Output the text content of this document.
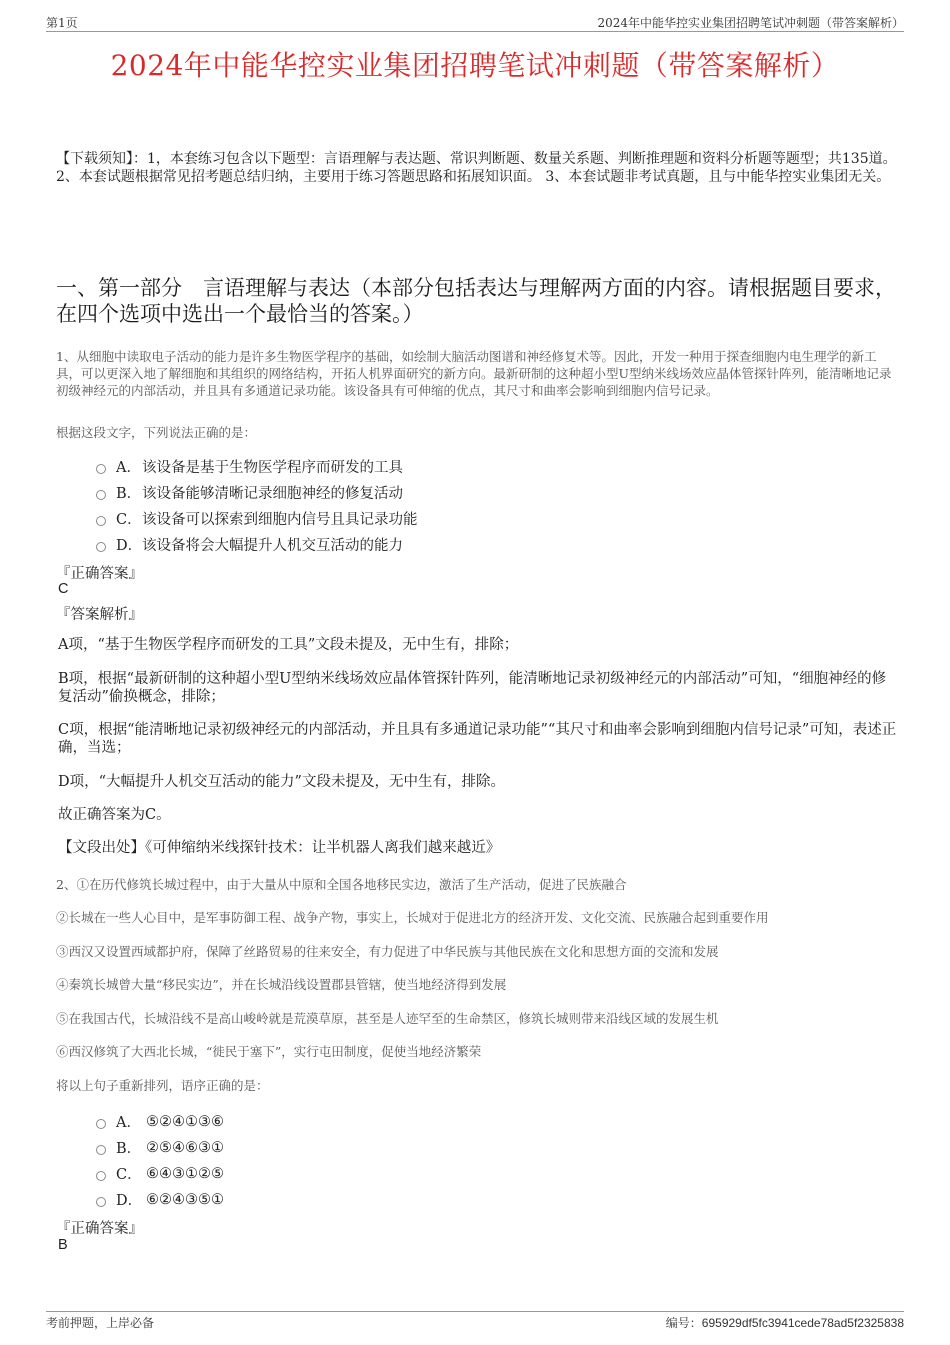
第1页	2024年中能华控实业集团招聘笔试冲刺题（带答案解析）
2024年中能华控实业集团招聘笔试冲刺题（带答案解析）
【下载须知】：1，本套练习包含以下题型：言语理解与表达题、常识判断题、数量关系题、判断推理题和资料分析题等题型；共135道。 2、本套试题根据常见招考题总结归纳，主要用于练习答题思路和拓展知识面。 3、本套试题非考试真题，且与中能华控实业集团无关。
一、第一部分　言语理解与表达（本部分包括表达与理解两方面的内容。请根据题目要求，在四个选项中选出一个最恰当的答案。）
1、从细胞中读取电子活动的能力是许多生物医学程序的基础，如绘制大脑活动图谱和神经修复术等。因此，开发一种用于探查细胞内电生理学的新工具，可以更深入地了解细胞和其组织的网络结构，开拓人机界面研究的新方向。最新研制的这种超小型U型纳米线场效应晶体管探针阵列，能清晰地记录初级神经元的内部活动，并且具有多通道记录功能。该设备具有可伸缩的优点，其尺寸和曲率会影响到细胞内信号记录。
根据这段文字，下列说法正确的是：
A． 该设备是基于生物医学程序而研发的工具
B． 该设备能够清晰记录细胞神经的修复活动
C． 该设备可以探索到细胞内信号且具记录功能
D． 该设备将会大幅提升人机交互活动的能力
『正确答案』
C
『答案解析』
A项，“基于生物医学程序而研发的工具”文段未提及，无中生有，排除；
B项，根据“最新研制的这种超小型U型纳米线场效应晶体管探针阵列，能清晰地记录初级神经元的内部活动”可知，“细胞神经的修复活动”偷换概念，排除；
C项，根据“能清晰地记录初级神经元的内部活动，并且具有多通道记录功能”“其尺寸和曲率会影响到细胞内信号记录”可知，表述正确，当选；
D项，“大幅提升人机交互活动的能力”文段未提及，无中生有，排除。
故正确答案为C。
【文段出处】《可伸缩纳米线探针技术：让半机器人离我们越来越近》
2、①在历代修筑长城过程中，由于大量从中原和全国各地移民实边，激活了生产活动，促进了民族融合
②长城在一些人心目中，是军事防御工程、战争产物，事实上，长城对于促进北方的经济开发、文化交流、民族融合起到重要作用
③西汉又设置西域都护府，保障了丝路贸易的往来安全，有力促进了中华民族与其他民族在文化和思想方面的交流和发展
④秦筑长城曾大量“移民实边”，并在长城沿线设置郡县管辖，使当地经济得到发展
⑤在我国古代，长城沿线不是高山峻岭就是荒漠草原，甚至是人迹罕至的生命禁区，修筑长城则带来沿线区域的发展生机
⑥西汉修筑了大西北长城，“徙民于塞下”，实行屯田制度，促使当地经济繁荣
将以上句子重新排列，语序正确的是：
A． ⑤②④①③⑥
B． ②⑤④⑥③①
C． ⑥④③①②⑤
D． ⑥②④③⑤①
『正确答案』
B
考前押题，上岸必备	编号：695929df5fc3941cede78ad5f2325838
